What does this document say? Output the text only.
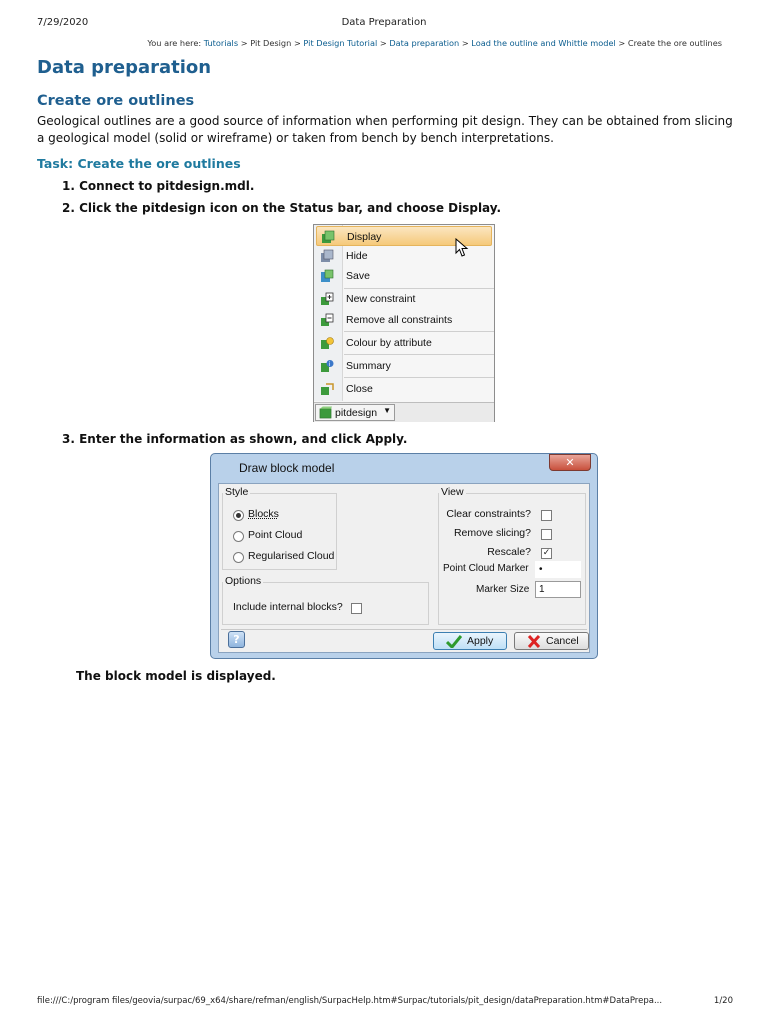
7/29/2020	Data Preparation
You are here: Tutorials > Pit Design > Pit Design Tutorial > Data preparation > Load the outline and Whittle model > Create the ore outlines
Data preparation
Create ore outlines
Geological outlines are a good source of information when performing pit design. They can be obtained from slicing a geological model (solid or wireframe) or taken from bench by bench interpretations.
Task: Create the ore outlines
1. Connect to pitdesign.mdl.
2. Click the pitdesign icon on the Status bar, and choose Display.
Display
Hide
Save
New constraint
Remove all constraints
Colour by attribute
i Summary
Close
pitdesign ▼
3. Enter the information as shown, and click Apply.
Draw block model	✕
Style
Blocks
Point Cloud
Regularised Cloud
Options
Include internal blocks?
View
Clear constraints?
Remove slicing?
Rescale? ✓
Point Cloud Marker	•
Marker Size 1
?	Apply	Cancel
The block model is displayed.
file:///C:/program files/geovia/surpac/69_x64/share/refman/english/SurpacHelp.htm#Surpac/tutorials/pit_design/dataPreparation.htm#DataPrepa...	1/20
